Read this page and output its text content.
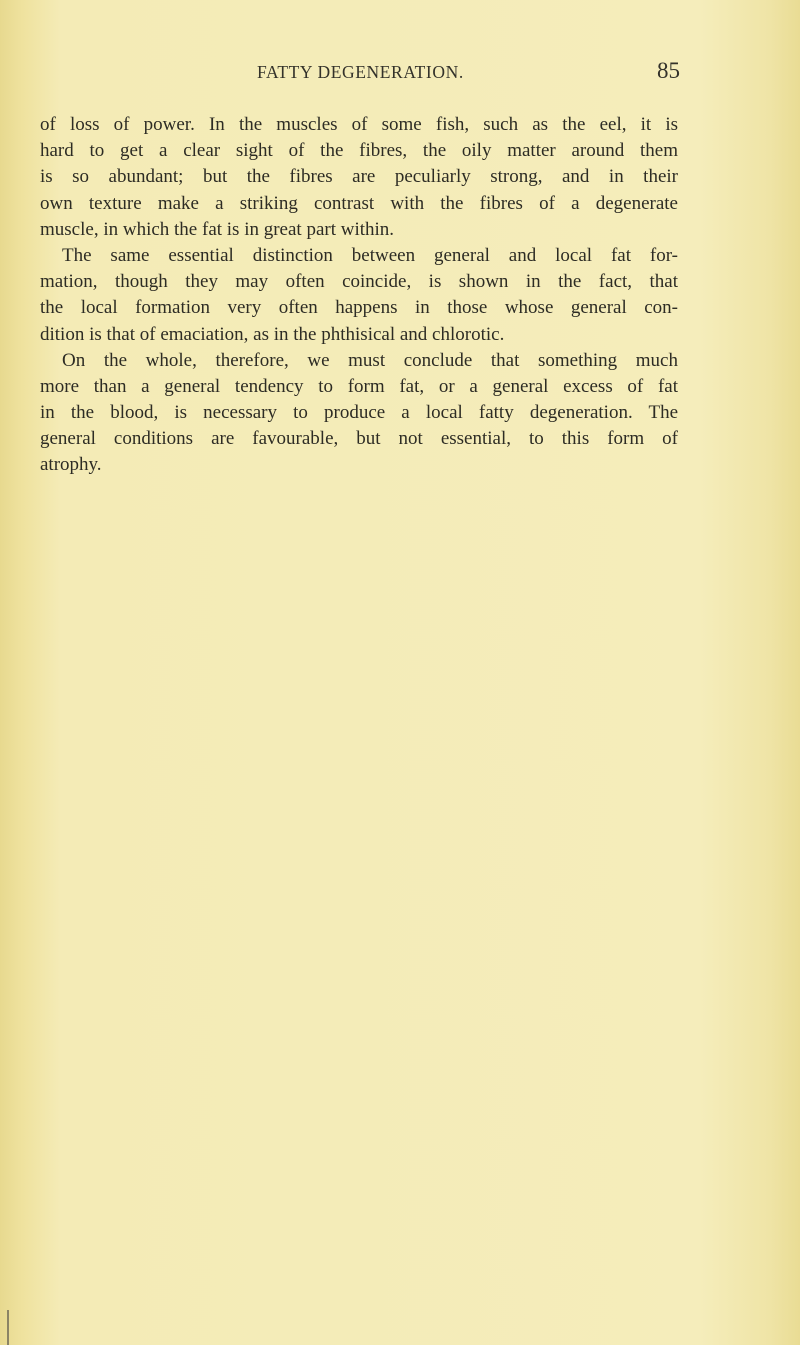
FATTY DEGENERATION.	85
of loss of power. In the muscles of some fish, such as the eel, it is
hard to get a clear sight of the fibres, the oily matter around them
is so abundant; but the fibres are peculiarly strong, and in their
own texture make a striking contrast with the fibres of a degenerate
muscle, in which the fat is in great part within.
The same essential distinction between general and local fat for-
mation, though they may often coincide, is shown in the fact, that
the local formation very often happens in those whose general con-
dition is that of emaciation, as in the phthisical and chlorotic.
On the whole, therefore, we must conclude that something much
more than a general tendency to form fat, or a general excess of fat
in the blood, is necessary to produce a local fatty degeneration. The
general conditions are favourable, but not essential, to this form of
atrophy.
